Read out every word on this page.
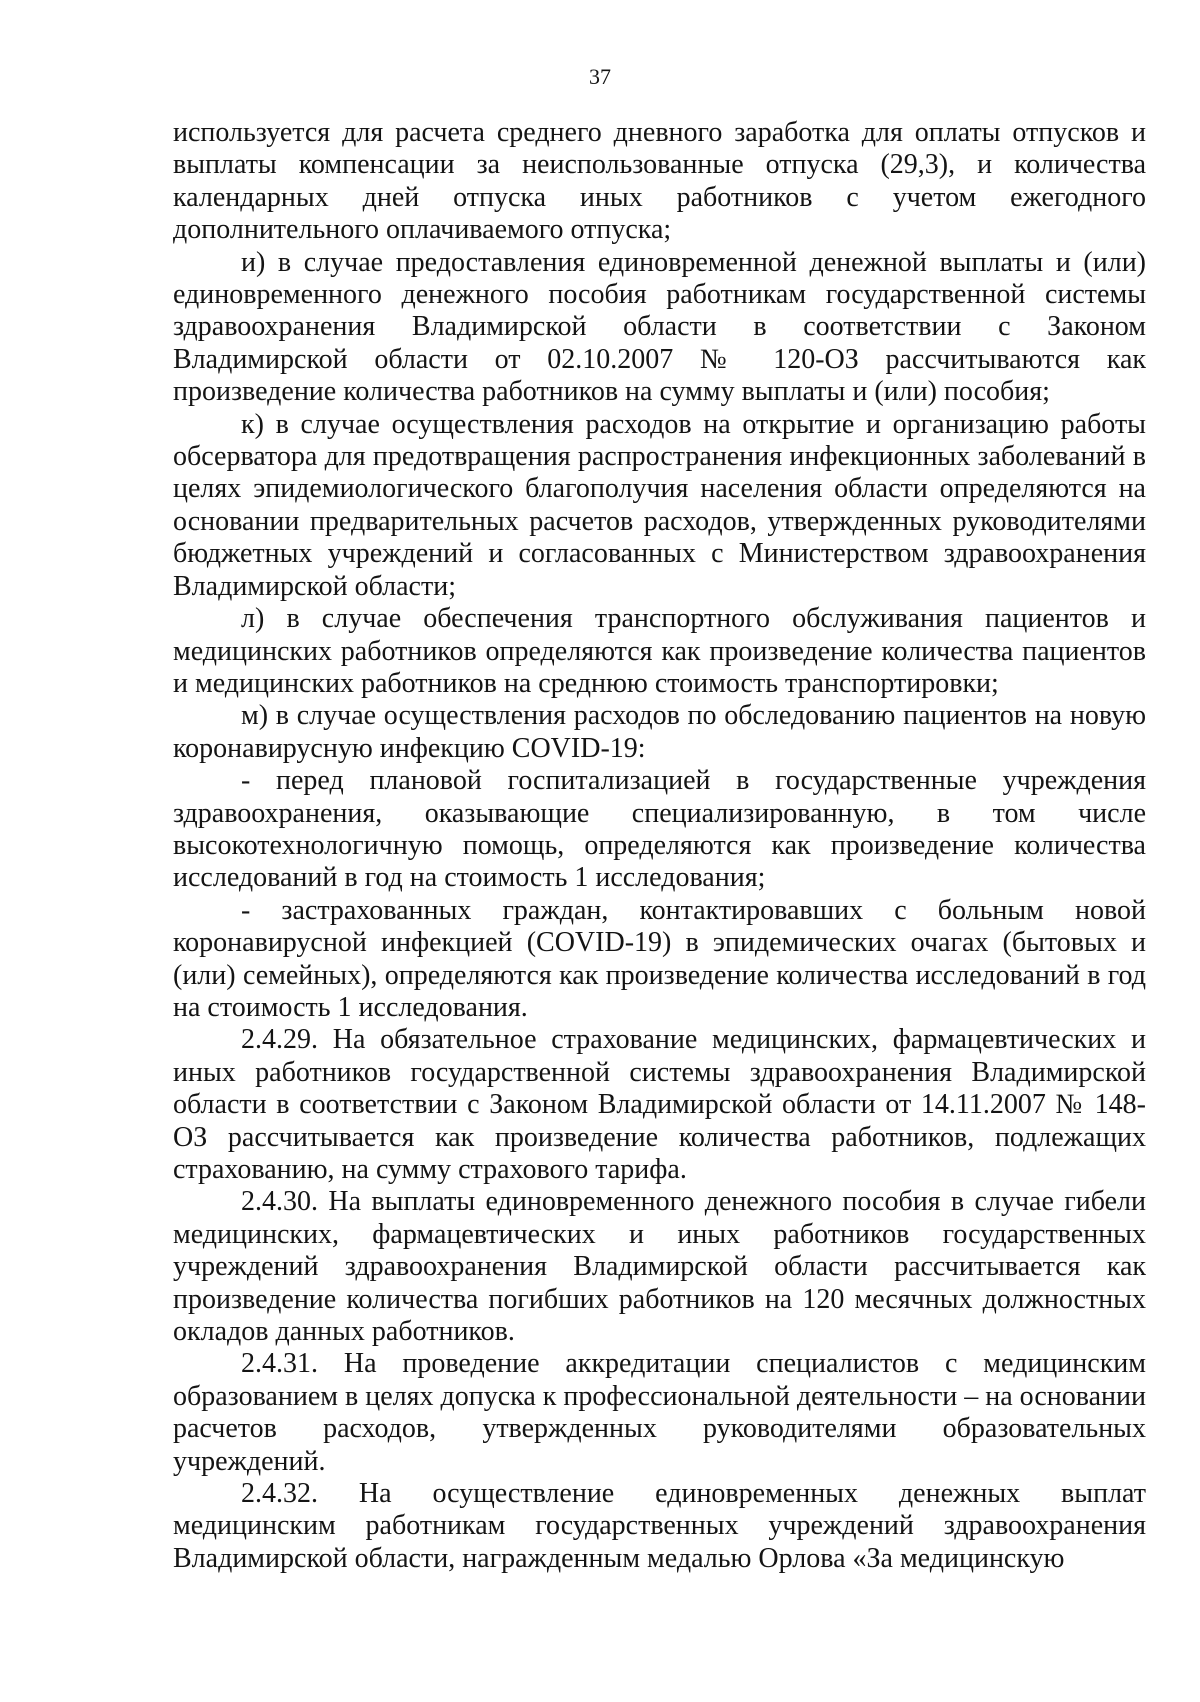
37

используется для расчета среднего дневного заработка для оплаты отпусков и выплаты компенсации за неиспользованные отпуска (29,3), и количества календарных дней отпуска иных работников с учетом ежегодного дополнительного оплачиваемого отпуска;

и) в случае предоставления единовременной денежной выплаты и (или) единовременного денежного пособия работникам государственной системы здравоохранения Владимирской области в соответствии с Законом Владимирской области от 02.10.2007 № 120-ОЗ рассчитываются как произведение количества работников на сумму выплаты и (или) пособия;

к) в случае осуществления расходов на открытие и организацию работы обсерватора для предотвращения распространения инфекционных заболеваний в целях эпидемиологического благополучия населения области определяются на основании предварительных расчетов расходов, утвержденных руководителями бюджетных учреждений и согласованных с Министерством здравоохранения Владимирской области;

л) в случае обеспечения транспортного обслуживания пациентов и медицинских работников определяются как произведение количества пациентов и медицинских работников на среднюю стоимость транспортировки;

м) в случае осуществления расходов по обследованию пациентов на новую коронавирусную инфекцию COVID-19:

- перед плановой госпитализацией в государственные учреждения здравоохранения, оказывающие специализированную, в том числе высокотехнологичную помощь, определяются как произведение количества исследований в год на стоимость 1 исследования;

- застрахованных граждан, контактировавших с больным новой коронавирусной инфекцией (COVID-19) в эпидемических очагах (бытовых и (или) семейных), определяются как произведение количества исследований в год на стоимость 1 исследования.

2.4.29. На обязательное страхование медицинских, фармацевтических и иных работников государственной системы здравоохранения Владимирской области в соответствии с Законом Владимирской области от 14.11.2007 № 148-ОЗ рассчитывается как произведение количества работников, подлежащих страхованию, на сумму страхового тарифа.

2.4.30. На выплаты единовременного денежного пособия в случае гибели медицинских, фармацевтических и иных работников государственных учреждений здравоохранения Владимирской области рассчитывается как произведение количества погибших работников на 120 месячных должностных окладов данных работников.

2.4.31. На проведение аккредитации специалистов с медицинским образованием в целях допуска к профессиональной деятельности – на основании расчетов расходов, утвержденных руководителями образовательных учреждений.

2.4.32. На осуществление единовременных денежных выплат медицинским работникам государственных учреждений здравоохранения Владимирской области, награжденным медалью Орлова «За медицинскую
